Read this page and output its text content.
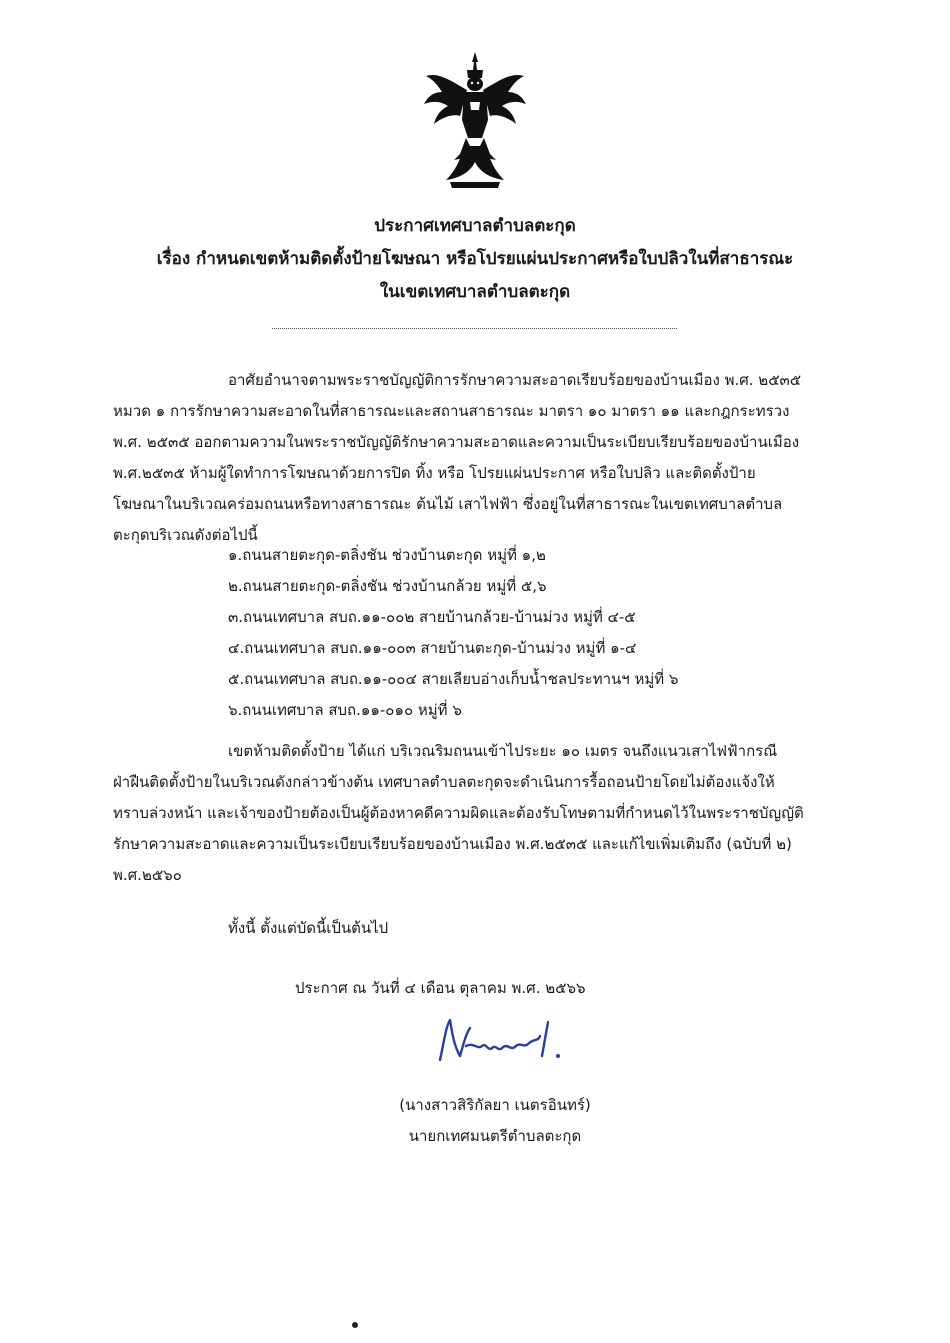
ประกาศเทศบาลตำบลตะกุด
เรื่อง กำหนดเขตห้ามติดตั้งป้ายโฆษณา หรือโปรยแผ่นประกาศหรือใบปลิวในที่สาธารณะ
ในเขตเทศบาลตำบลตะกุด
อาศัยอำนาจตามพระราชบัญญัติการรักษาความสะอาดเรียบร้อยของบ้านเมือง พ.ศ. ๒๕๓๕
หมวด ๑ การรักษาความสะอาดในที่สาธารณะและสถานสาธารณะ มาตรา ๑๐ มาตรา ๑๑ และกฎกระทรวง
พ.ศ. ๒๕๓๕ ออกตามความในพระราชบัญญัติรักษาความสะอาดและความเป็นระเบียบเรียบร้อยของบ้านเมือง
พ.ศ.๒๕๓๕ ห้ามผู้ใดทำการโฆษณาด้วยการปิด ทิ้ง หรือ โปรยแผ่นประกาศ หรือใบปลิว และติดตั้งป้าย
โฆษณาในบริเวณคร่อมถนนหรือทางสาธารณะ ต้นไม้ เสาไฟฟ้า ซึ่งอยู่ในที่สาธารณะในเขตเทศบาลตำบล
ตะกุดบริเวณดังต่อไปนี้
๑.ถนนสายตะกุด-ตลิ่งชัน ช่วงบ้านตะกุด หมู่ที่ ๑,๒
๒.ถนนสายตะกุด-ตลิ่งชัน ช่วงบ้านกล้วย หมู่ที่ ๕,๖
๓.ถนนเทศบาล สบถ.๑๑-๐๐๒ สายบ้านกล้วย-บ้านม่วง หมู่ที่ ๔-๕
๔.ถนนเทศบาล สบถ.๑๑-๐๐๓ สายบ้านตะกุด-บ้านม่วง หมู่ที่ ๑-๔
๕.ถนนเทศบาล สบถ.๑๑-๐๐๔ สายเลียบอ่างเก็บน้ำชลประทานฯ หมู่ที่ ๖
๖.ถนนเทศบาล สบถ.๑๑-๐๑๐ หมู่ที่ ๖
เขตห้ามติดตั้งป้าย ได้แก่ บริเวณริมถนนเข้าไประยะ ๑๐ เมตร จนถึงแนวเสาไฟฟ้ากรณี
ฝ่าฝืนติดตั้งป้ายในบริเวณดังกล่าวข้างต้น เทศบาลตำบลตะกุดจะดำเนินการรื้อถอนป้ายโดยไม่ต้องแจ้งให้
ทราบล่วงหน้า และเจ้าของป้ายต้องเป็นผู้ต้องหาคดีความผิดและต้องรับโทษตามที่กำหนดไว้ในพระราชบัญญัติ
รักษาความสะอาดและความเป็นระเบียบเรียบร้อยของบ้านเมือง พ.ศ.๒๕๓๕ และแก้ไขเพิ่มเติมถึง (ฉบับที่ ๒)
พ.ศ.๒๕๖๐
ทั้งนี้ ตั้งแต่บัดนี้เป็นต้นไป
ประกาศ ณ วันที่ ๔ เดือน ตุลาคม พ.ศ. ๒๕๖๖
(นางสาวสิริกัลยา เนตรอินทร์)
นายกเทศมนตรีตำบลตะกุด
